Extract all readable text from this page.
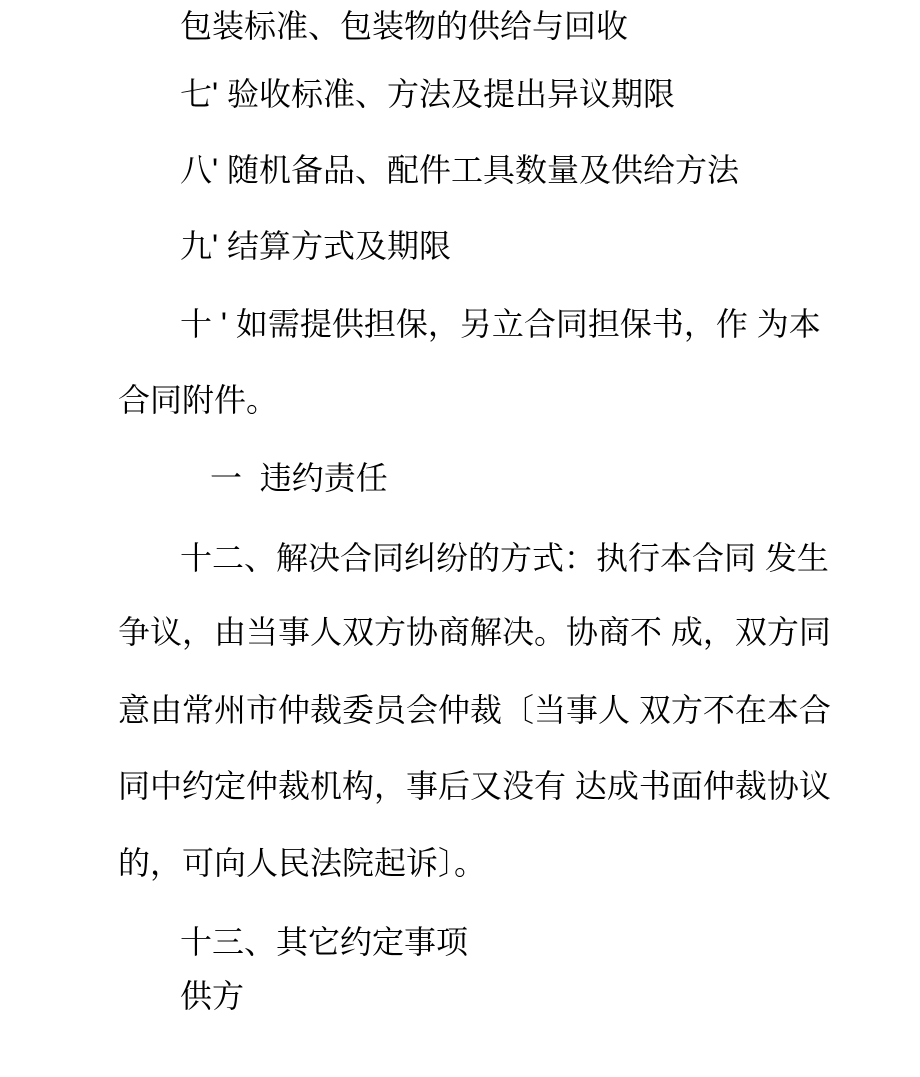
包装标准、包装物的供给与回收
七' 验收标准、方法及提出异议期限
八' 随机备品、配件工具数量及供给方法
九' 结算方式及期限
十 ' 如需提供担保，另立合同担保书，作 为本
合同附件。
一  违约责任
十二、解决合同纠纷的方式：执行本合同 发生
争议，由当事人双方协商解决。协商不 成，双方同
意由常州市仲裁委员会仲裁〔当事人 双方不在本合
同中约定仲裁机构，事后又没有 达成书面仲裁协议
的，可向人民法院起诉〕。
十三、其它约定事项
供方
